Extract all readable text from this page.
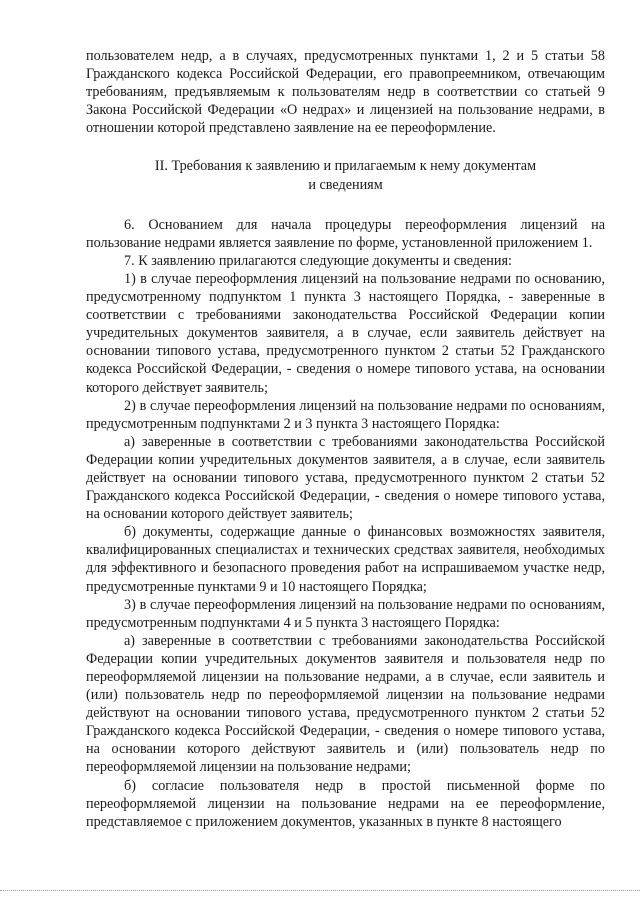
пользователем недр, а в случаях, предусмотренных пунктами 1, 2 и 5 статьи 58 Гражданского кодекса Российской Федерации, его правопреемником, отвечающим требованиям, предъявляемым к пользователям недр в соответствии со статьей 9 Закона Российской Федерации «О недрах» и лицензией на пользование недрами, в отношении которой представлено заявление на ее переоформление.

II. Требования к заявлению и прилагаемым к нему документам
и сведениям

6. Основанием для начала процедуры переоформления лицензий на пользование недрами является заявление по форме, установленной приложением 1.

7. К заявлению прилагаются следующие документы и сведения:

1) в случае переоформления лицензий на пользование недрами по основанию, предусмотренному подпунктом 1 пункта 3 настоящего Порядка, - заверенные в соответствии с требованиями законодательства Российской Федерации копии учредительных документов заявителя, а в случае, если заявитель действует на основании типового устава, предусмотренного пунктом 2 статьи 52 Гражданского кодекса Российской Федерации, - сведения о номере типового устава, на основании которого действует заявитель;

2) в случае переоформления лицензий на пользование недрами по основаниям, предусмотренным подпунктами 2 и 3 пункта 3 настоящего Порядка:

а) заверенные в соответствии с требованиями законодательства Российской Федерации копии учредительных документов заявителя, а в случае, если заявитель действует на основании типового устава, предусмотренного пунктом 2 статьи 52 Гражданского кодекса Российской Федерации, - сведения о номере типового устава, на основании которого действует заявитель;

б) документы, содержащие данные о финансовых возможностях заявителя, квалифицированных специалистах и технических средствах заявителя, необходимых для эффективного и безопасного проведения работ на испрашиваемом участке недр, предусмотренные пунктами 9 и 10 настоящего Порядка;

3) в случае переоформления лицензий на пользование недрами по основаниям, предусмотренным подпунктами 4 и 5 пункта 3 настоящего Порядка:

а) заверенные в соответствии с требованиями законодательства Российской Федерации копии учредительных документов заявителя и пользователя недр по переоформляемой лицензии на пользование недрами, а в случае, если заявитель и (или) пользователь недр по переоформляемой лицензии на пользование недрами действуют на основании типового устава, предусмотренного пунктом 2 статьи 52 Гражданского кодекса Российской Федерации, - сведения о номере типового устава, на основании которого действуют заявитель и (или) пользователь недр по переоформляемой лицензии на пользование недрами;

б) согласие пользователя недр в простой письменной форме по переоформляемой лицензии на пользование недрами на ее переоформление, представляемое с приложением документов, указанных в пункте 8 настоящего
